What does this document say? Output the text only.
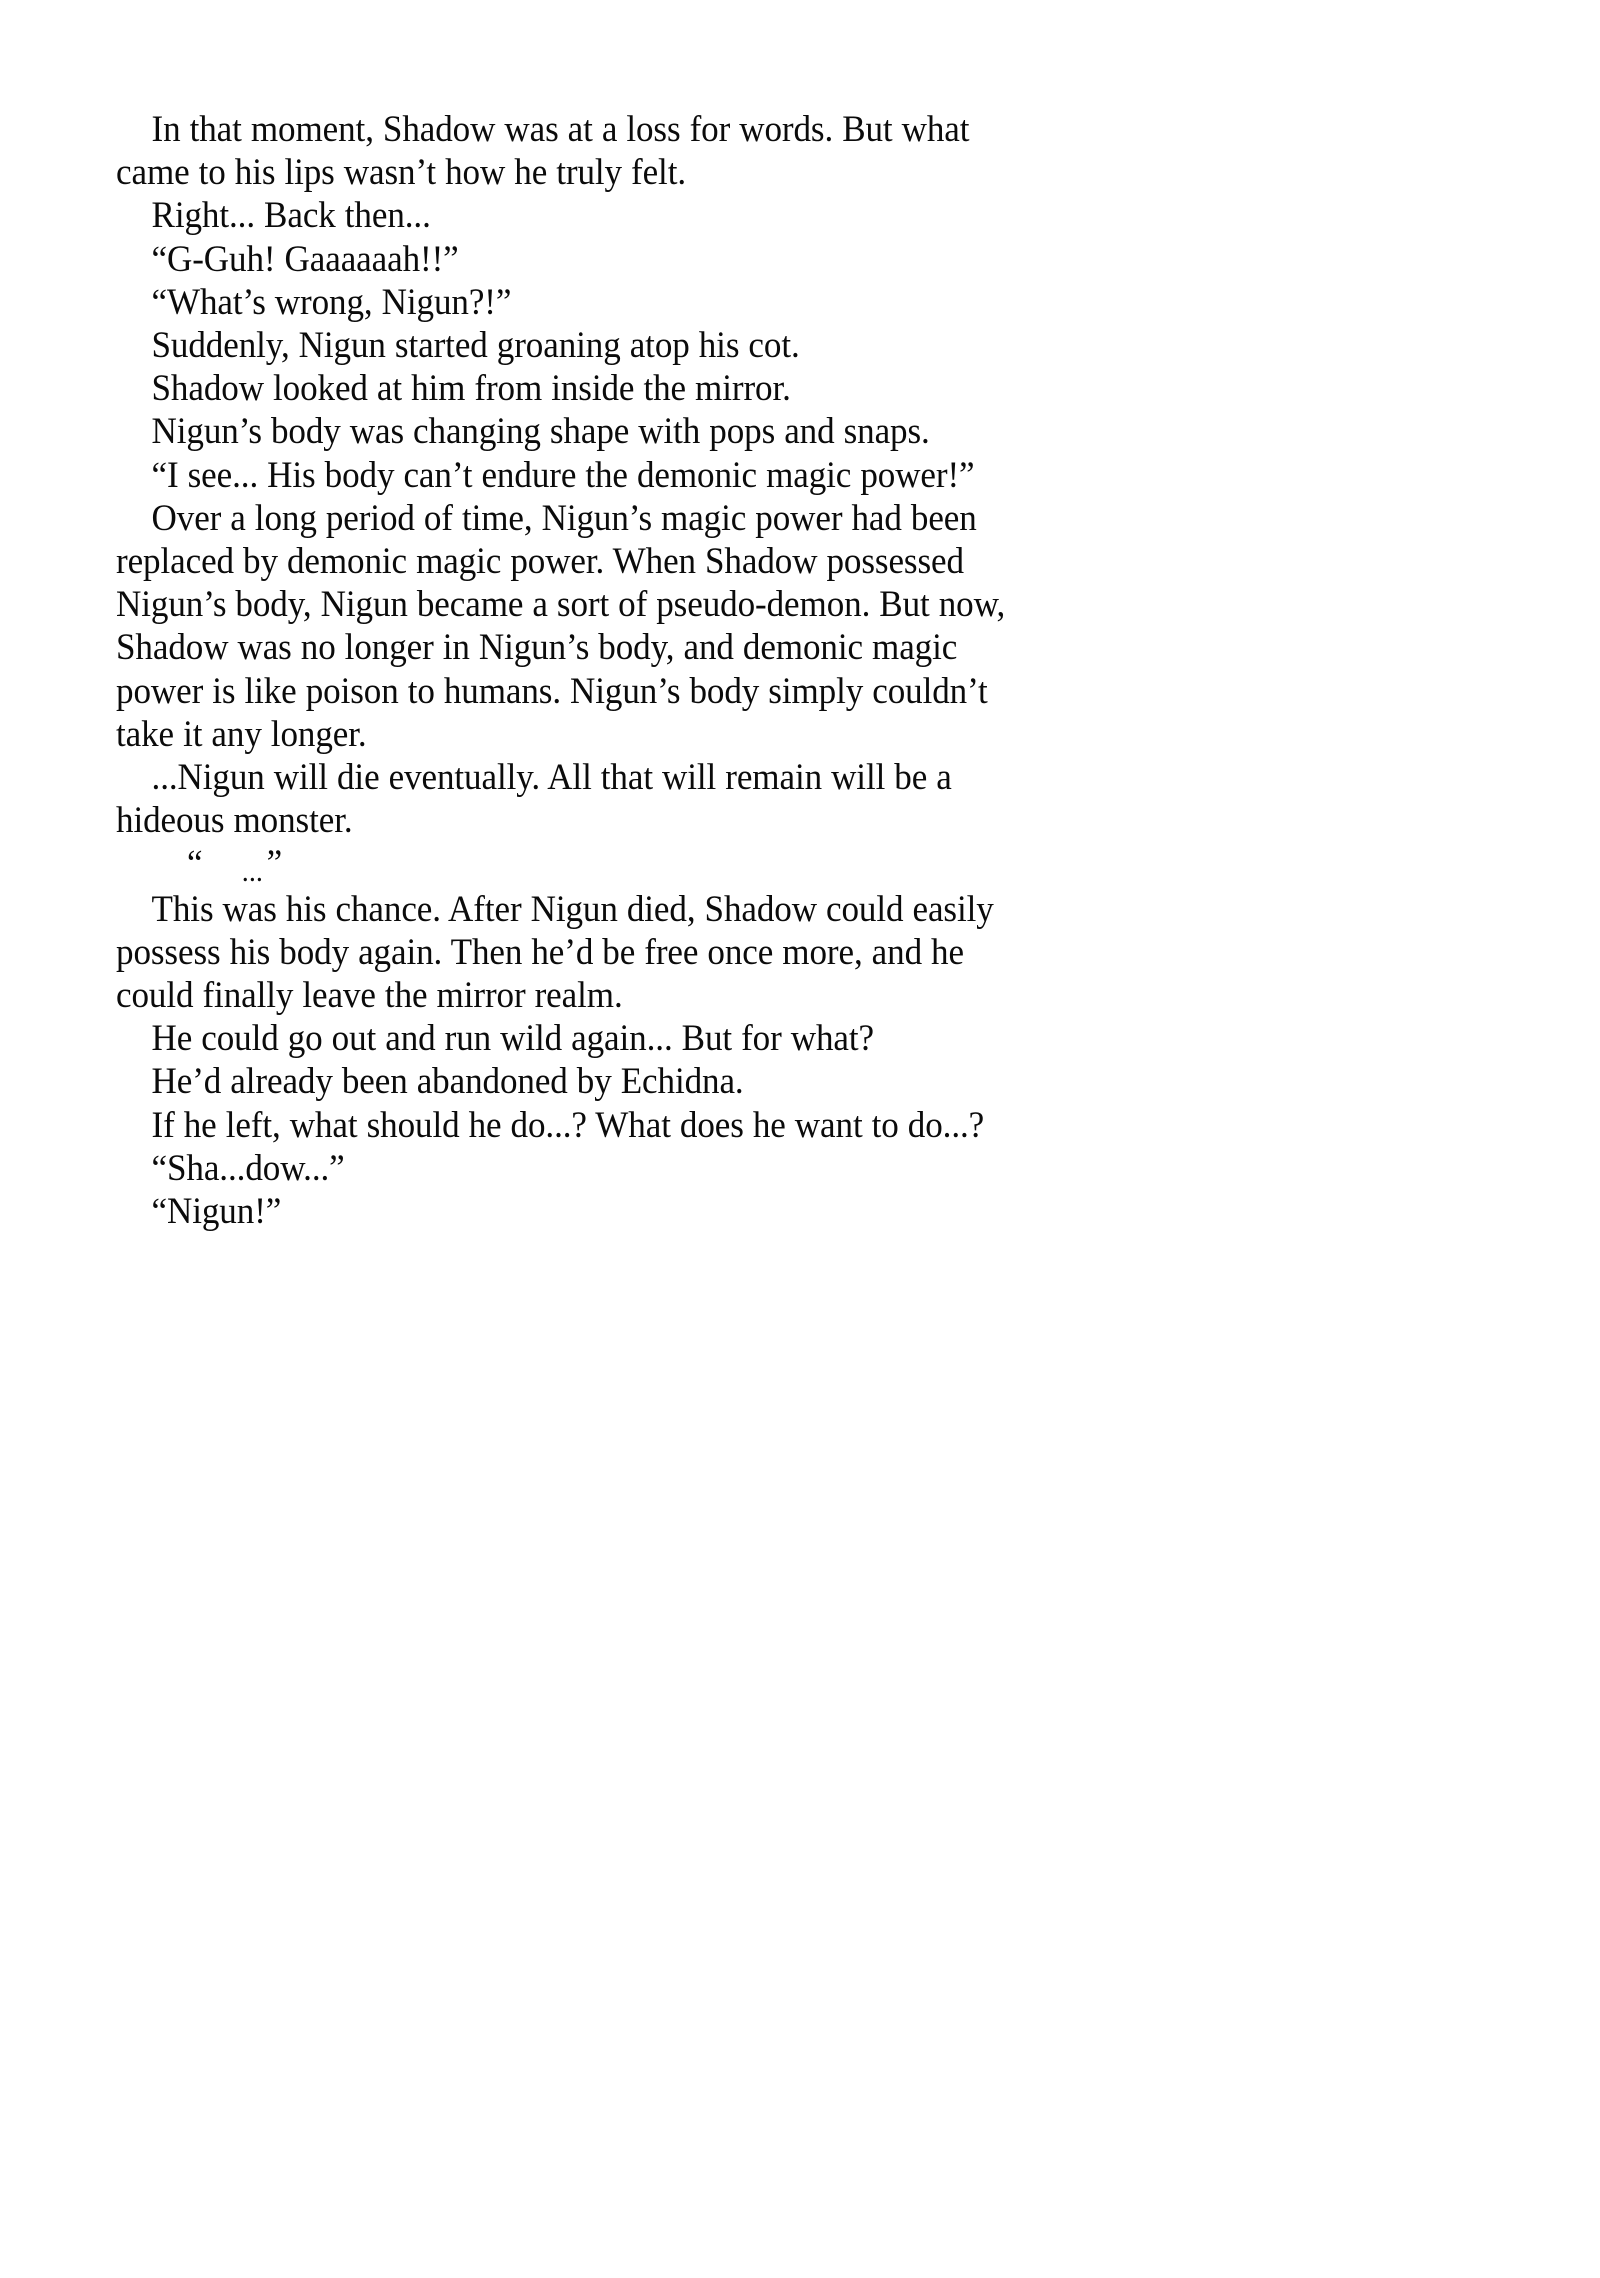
In that moment, Shadow was at a loss for words. But what came to his lips wasn’t how he truly felt.

Right... Back then...

“G-Guh! Gaaaaaah!!”

“What’s wrong, Nigun?!”

Suddenly, Nigun started groaning atop his cot.

Shadow looked at him from inside the mirror.

Nigun’s body was changing shape with pops and snaps.

“I see... His body can’t endure the demonic magic power!”

Over a long period of time, Nigun’s magic power had been replaced by demonic magic power. When Shadow possessed Nigun’s body, Nigun became a sort of pseudo-demon. But now, Shadow was no longer in Nigun’s body, and demonic magic power is like poison to humans. Nigun’s body simply couldn’t take it any longer.

...Nigun will die eventually. All that will remain will be a hideous monster.

“ ...”

This was his chance. After Nigun died, Shadow could easily possess his body again. Then he’d be free once more, and he could finally leave the mirror realm.

He could go out and run wild again... But for what?

He’d already been abandoned by Echidna.

If he left, what should he do...? What does he want to do...?

“Sha...dow...”

“Nigun!”
